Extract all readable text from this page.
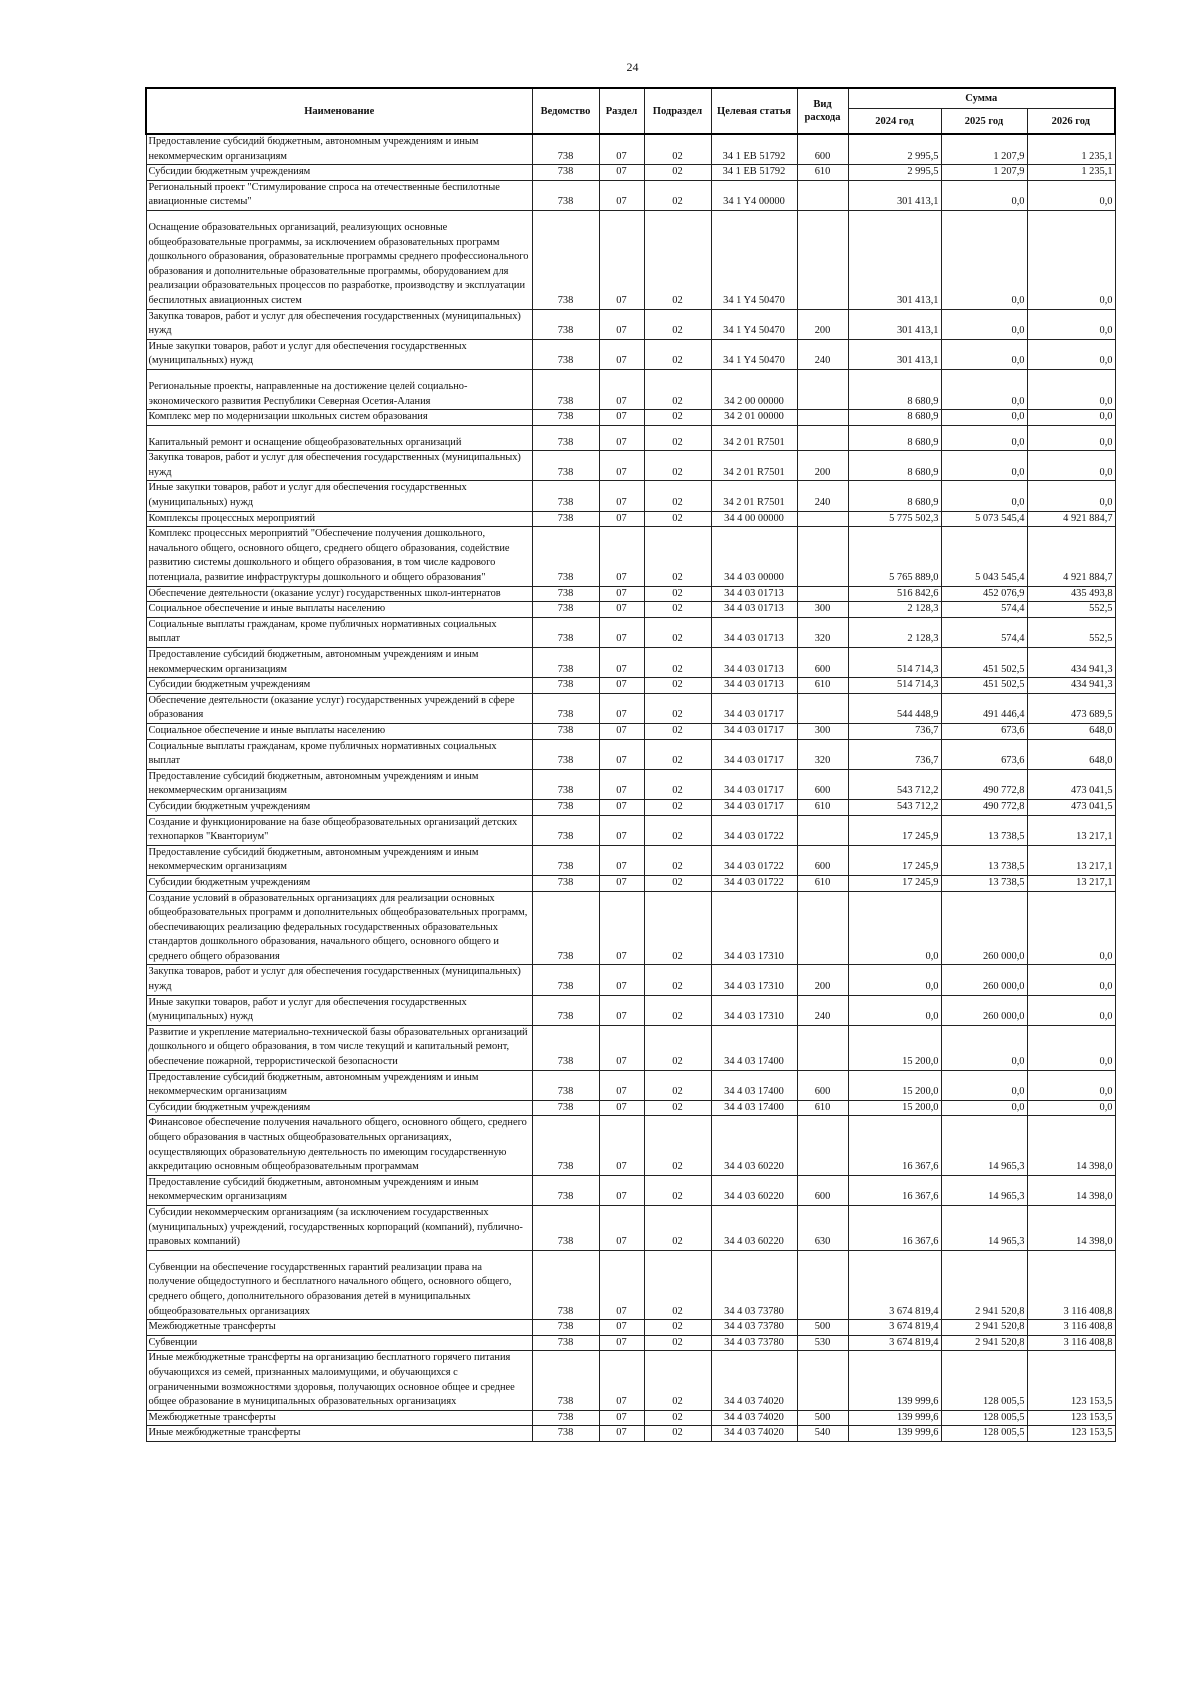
24
Наименование	Ведомство	Раздел	Подраздел	Целевая статья	Вид расхода	Сумма		
						2024 год	2025 год	2026 год
Предоставление субсидий бюджетным, автономным учреждениям и иным некоммерческим организациям	738	07	02	34 1 EB 51792	600	2 995,5	1 207,9	1 235,1
Субсидии бюджетным учреждениям	738	07	02	34 1 EB 51792	610	2 995,5	1 207,9	1 235,1
Региональный проект "Стимулирование спроса на отечественные беспилотные авиационные системы"	738	07	02	34 1 Y4 00000		301 413,1	0,0	0,0
Оснащение образовательных организаций, реализующих основные общеобразовательные программы, за исключением образовательных программ дошкольного образования, образовательные программы среднего профессионального образования и дополнительные образовательные программы, оборудованием для реализации образовательных процессов по разработке, производству и эксплуатации беспилотных авиационных систем	738	07	02	34 1 Y4 50470		301 413,1	0,0	0,0
Закупка товаров, работ и услуг для обеспечения государственных (муниципальных) нужд	738	07	02	34 1 Y4 50470	200	301 413,1	0,0	0,0
Иные закупки товаров, работ и услуг для обеспечения государственных (муниципальных) нужд	738	07	02	34 1 Y4 50470	240	301 413,1	0,0	0,0
Региональные проекты, направленные на достижение целей социально-экономического развития Республики Северная Осетия-Алания	738	07	02	34 2 00 00000		8 680,9	0,0	0,0
Комплекс мер по модернизации школьных систем образования	738	07	02	34 2 01 00000		8 680,9	0,0	0,0
Капитальный ремонт и оснащение общеобразовательных организаций	738	07	02	34 2 01 R7501		8 680,9	0,0	0,0
Закупка товаров, работ и услуг для обеспечения государственных (муниципальных) нужд	738	07	02	34 2 01 R7501	200	8 680,9	0,0	0,0
Иные закупки товаров, работ и услуг для обеспечения государственных (муниципальных) нужд	738	07	02	34 2 01 R7501	240	8 680,9	0,0	0,0
Комплексы процессных мероприятий	738	07	02	34 4 00 00000		5 775 502,3	5 073 545,4	4 921 884,7
Комплекс процессных мероприятий "Обеспечение получения дошкольного, начального общего, основного общего, среднего общего образования, содействие развитию системы дошкольного и общего образования, в том числе кадрового потенциала, развитие инфраструктуры дошкольного и общего образования"	738	07	02	34 4 03 00000		5 765 889,0	5 043 545,4	4 921 884,7
Обеспечение деятельности (оказание услуг) государственных школ-интернатов	738	07	02	34 4 03 01713		516 842,6	452 076,9	435 493,8
Социальное обеспечение и иные выплаты населению	738	07	02	34 4 03 01713	300	2 128,3	574,4	552,5
Социальные выплаты гражданам, кроме публичных нормативных социальных выплат	738	07	02	34 4 03 01713	320	2 128,3	574,4	552,5
Предоставление субсидий бюджетным, автономным учреждениям и иным некоммерческим организациям	738	07	02	34 4 03 01713	600	514 714,3	451 502,5	434 941,3
Субсидии бюджетным учреждениям	738	07	02	34 4 03 01713	610	514 714,3	451 502,5	434 941,3
Обеспечение деятельности (оказание услуг) государственных учреждений в сфере образования	738	07	02	34 4 03 01717		544 448,9	491 446,4	473 689,5
Социальное обеспечение и иные выплаты населению	738	07	02	34 4 03 01717	300	736,7	673,6	648,0
Социальные выплаты гражданам, кроме публичных нормативных социальных выплат	738	07	02	34 4 03 01717	320	736,7	673,6	648,0
Предоставление субсидий бюджетным, автономным учреждениям и иным некоммерческим организациям	738	07	02	34 4 03 01717	600	543 712,2	490 772,8	473 041,5
Субсидии бюджетным учреждениям	738	07	02	34 4 03 01717	610	543 712,2	490 772,8	473 041,5
Создание и функционирование на базе общеобразовательных организаций детских технопарков "Кванториум"	738	07	02	34 4 03 01722		17 245,9	13 738,5	13 217,1
Предоставление субсидий бюджетным, автономным учреждениям и иным некоммерческим организациям	738	07	02	34 4 03 01722	600	17 245,9	13 738,5	13 217,1
Субсидии бюджетным учреждениям	738	07	02	34 4 03 01722	610	17 245,9	13 738,5	13 217,1
Создание условий в образовательных организациях для реализации основных общеобразовательных программ и дополнительных общеобразовательных программ, обеспечивающих реализацию федеральных государственных образовательных стандартов дошкольного образования, начального общего, основного общего и среднего общего образования	738	07	02	34 4 03 17310		0,0	260 000,0	0,0
Закупка товаров, работ и услуг для обеспечения государственных (муниципальных) нужд	738	07	02	34 4 03 17310	200	0,0	260 000,0	0,0
Иные закупки товаров, работ и услуг для обеспечения государственных (муниципальных) нужд	738	07	02	34 4 03 17310	240	0,0	260 000,0	0,0
Развитие и укрепление материально-технической базы образовательных организаций дошкольного и общего образования, в том числе текущий и капитальный ремонт, обеспечение пожарной, террористической безопасности	738	07	02	34 4 03 17400		15 200,0	0,0	0,0
Предоставление субсидий бюджетным, автономным учреждениям и иным некоммерческим организациям	738	07	02	34 4 03 17400	600	15 200,0	0,0	0,0
Субсидии бюджетным учреждениям	738	07	02	34 4 03 17400	610	15 200,0	0,0	0,0
Финансовое обеспечение получения начального общего, основного общего, среднего общего образования в частных общеобразовательных организациях, осуществляющих образовательную деятельность по имеющим государственную аккредитацию основным общеобразовательным программам	738	07	02	34 4 03 60220		16 367,6	14 965,3	14 398,0
Предоставление субсидий бюджетным, автономным учреждениям и иным некоммерческим организациям	738	07	02	34 4 03 60220	600	16 367,6	14 965,3	14 398,0
Субсидии некоммерческим организациям (за исключением государственных (муниципальных) учреждений, государственных корпораций (компаний), публично-правовых компаний)	738	07	02	34 4 03 60220	630	16 367,6	14 965,3	14 398,0
Субвенции на обеспечение государственных гарантий реализации права на получение общедоступного и бесплатного начального общего, основного общего, среднего общего, дополнительного образования детей в муниципальных общеобразовательных организациях	738	07	02	34 4 03 73780		3 674 819,4	2 941 520,8	3 116 408,8
Межбюджетные трансферты	738	07	02	34 4 03 73780	500	3 674 819,4	2 941 520,8	3 116 408,8
Субвенции	738	07	02	34 4 03 73780	530	3 674 819,4	2 941 520,8	3 116 408,8
Иные межбюджетные трансферты на организацию бесплатного горячего питания обучающихся из семей, признанных малоимущими, и обучающихся с ограниченными возможностями здоровья, получающих основное общее и среднее общее образование в муниципальных образовательных организациях	738	07	02	34 4 03 74020		139 999,6	128 005,5	123 153,5
Межбюджетные трансферты	738	07	02	34 4 03 74020	500	139 999,6	128 005,5	123 153,5
Иные межбюджетные трансферты	738	07	02	34 4 03 74020	540	139 999,6	128 005,5	123 153,5
